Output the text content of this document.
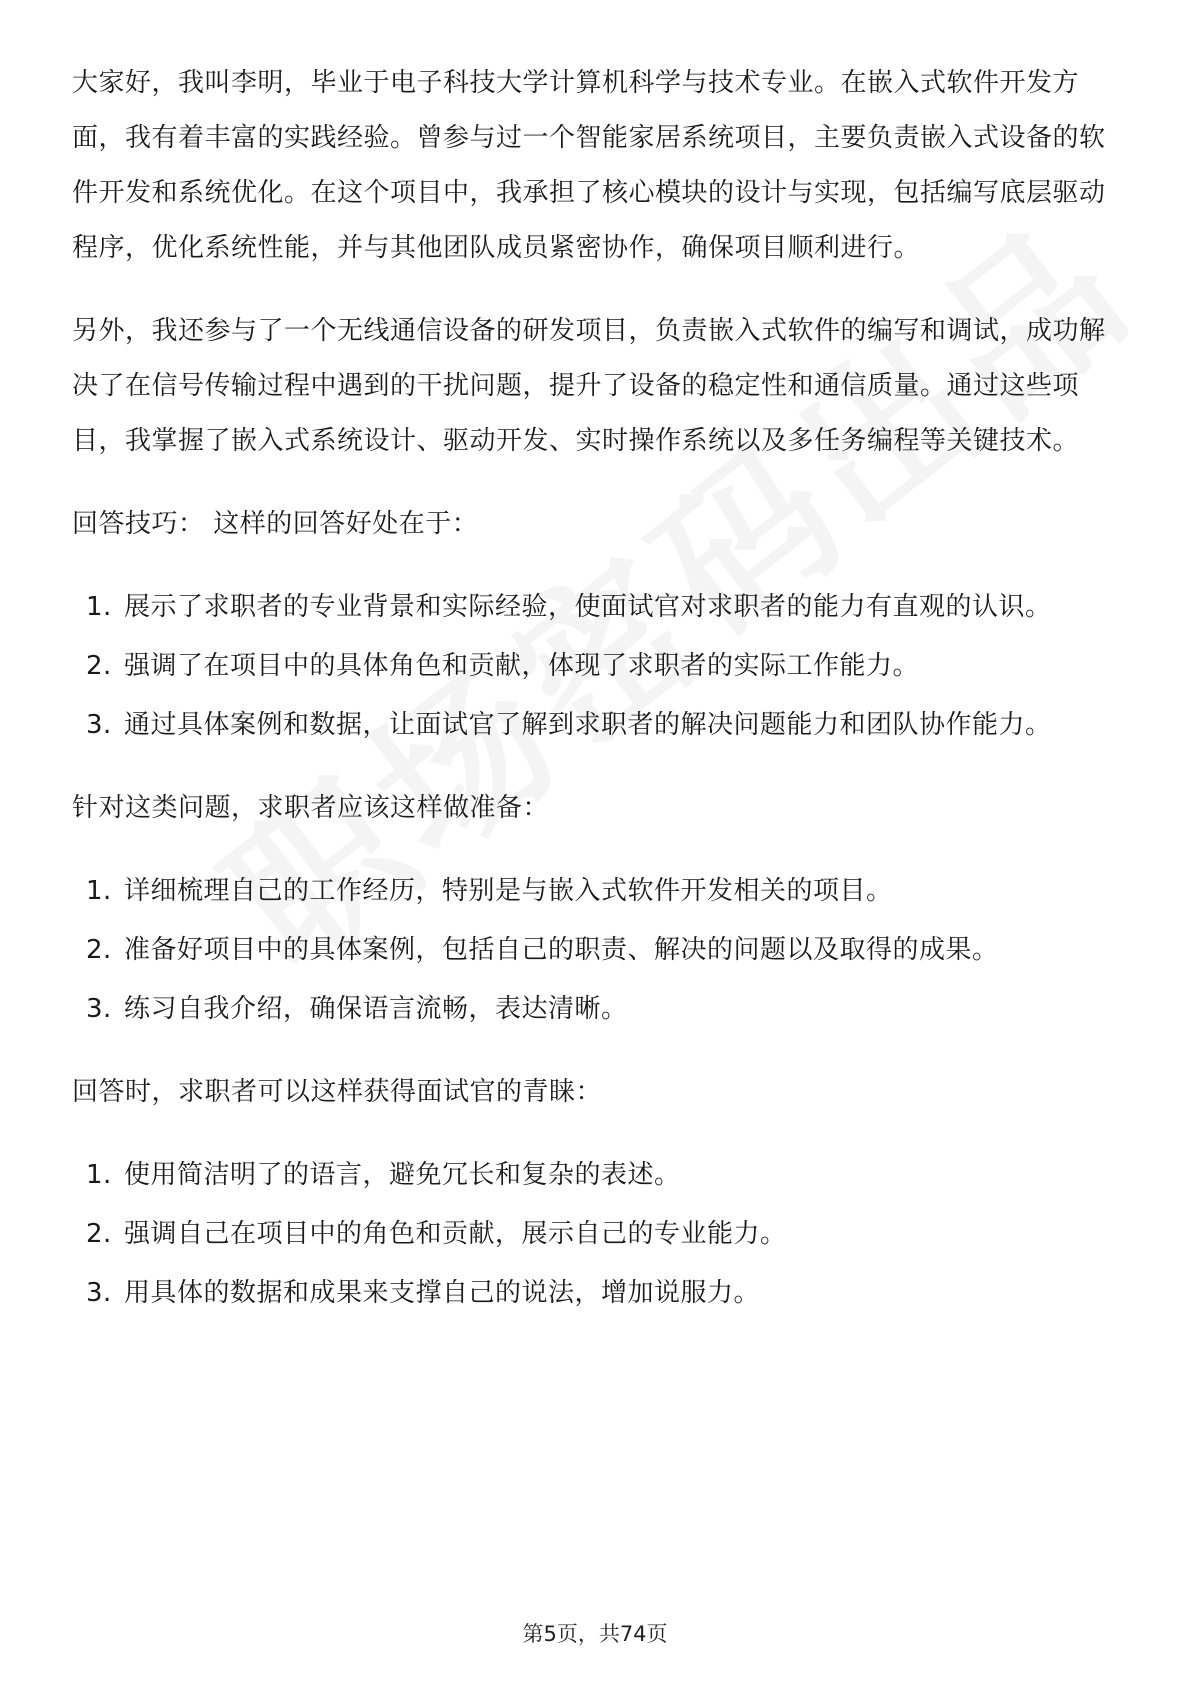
大家好，我叫李明，毕业于电子科技大学计算机科学与技术专业。在嵌入式软件开发方面，我有着丰富的实践经验。曾参与过一个智能家居系统项目，主要负责嵌入式设备的软件开发和系统优化。在这个项目中，我承担了核心模块的设计与实现，包括编写底层驱动程序，优化系统性能，并与其他团队成员紧密协作，确保项目顺利进行。

另外，我还参与了一个无线通信设备的研发项目，负责嵌入式软件的编写和调试，成功解决了在信号传输过程中遇到的干扰问题，提升了设备的稳定性和通信质量。通过这些项目，我掌握了嵌入式系统设计、驱动开发、实时操作系统以及多任务编程等关键技术。

回答技巧： 这样的回答好处在于：

1. 展示了求职者的专业背景和实际经验，使面试官对求职者的能力有直观的认识。
2. 强调了在项目中的具体角色和贡献，体现了求职者的实际工作能力。
3. 通过具体案例和数据，让面试官了解到求职者的解决问题能力和团队协作能力。

针对这类问题，求职者应该这样做准备：

1. 详细梳理自己的工作经历，特别是与嵌入式软件开发相关的项目。
2. 准备好项目中的具体案例，包括自己的职责、解决的问题以及取得的成果。
3. 练习自我介绍，确保语言流畅，表达清晰。

回答时，求职者可以这样获得面试官的青睐：

1. 使用简洁明了的语言，避免冗长和复杂的表述。
2. 强调自己在项目中的角色和贡献，展示自己的专业能力。
3. 用具体的数据和成果来支撑自己的说法，增加说服力。
第5页，共74页
